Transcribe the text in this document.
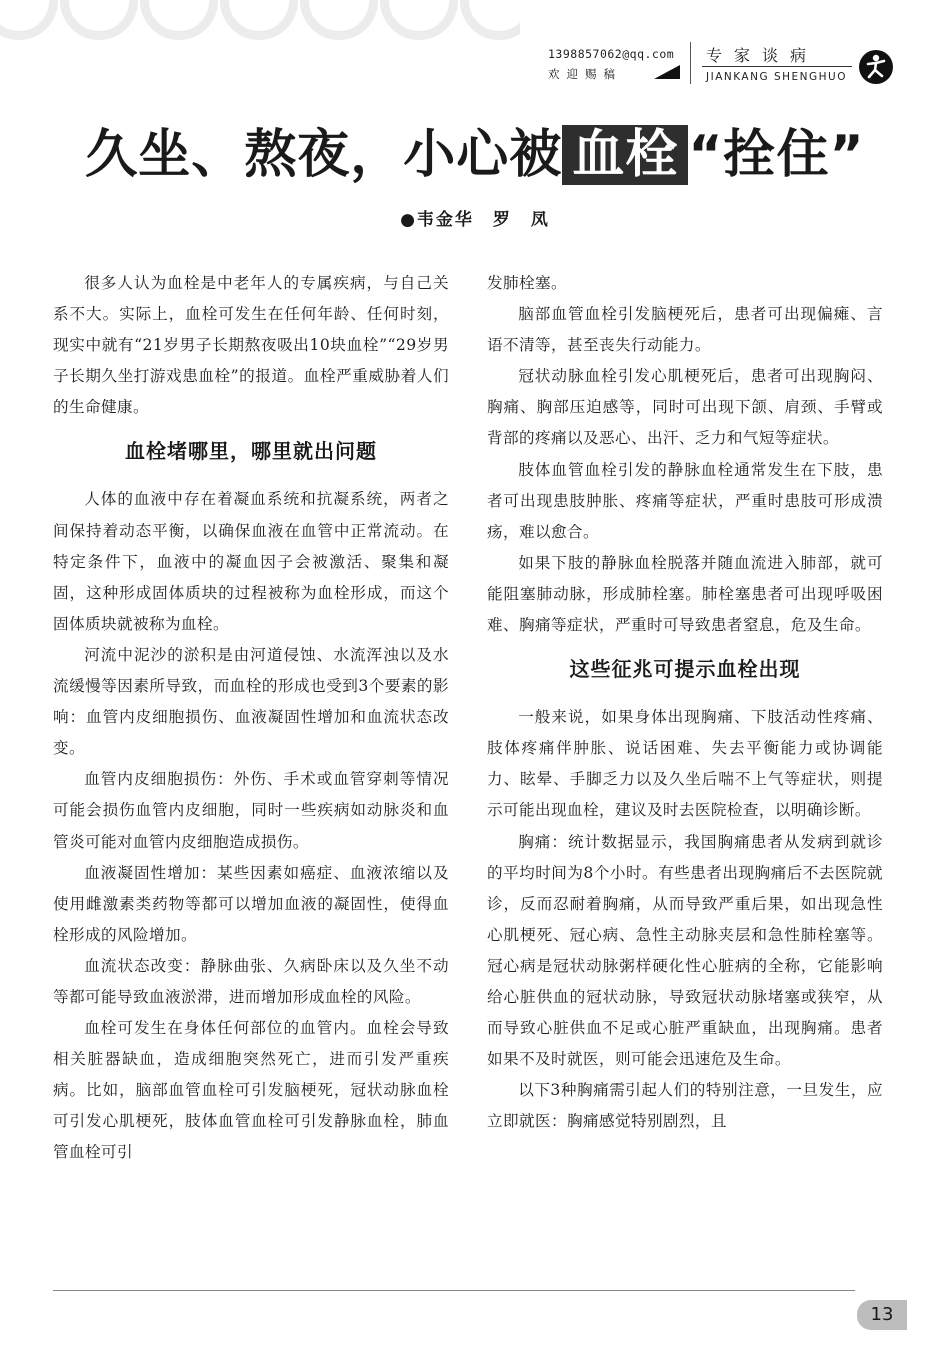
1398857062@qq.com
欢迎赐稿
专家谈病
JIANKANG SHENGHUO
久坐、熬夜，小心被 血栓 “拴住”
●韦金华　罗　凤

很多人认为血栓是中老年人的专属疾病，与自己关系不大。实际上，血栓可发生在任何年龄、任何时刻，现实中就有“21岁男子长期熬夜吸出10块血栓”“29岁男子长期久坐打游戏患血栓”的报道。血栓严重威胁着人们的生命健康。

血栓堵哪里，哪里就出问题

人体的血液中存在着凝血系统和抗凝系统，两者之间保持着动态平衡，以确保血液在血管中正常流动。在特定条件下，血液中的凝血因子会被激活、聚集和凝固，这种形成固体质块的过程被称为血栓形成，而这个固体质块就被称为血栓。

河流中泥沙的淤积是由河道侵蚀、水流浑浊以及水流缓慢等因素所导致，而血栓的形成也受到3个要素的影响：血管内皮细胞损伤、血液凝固性增加和血流状态改变。

血管内皮细胞损伤：外伤、手术或血管穿刺等情况可能会损伤血管内皮细胞，同时一些疾病如动脉炎和血管炎可能对血管内皮细胞造成损伤。

血液凝固性增加：某些因素如癌症、血液浓缩以及使用雌激素类药物等都可以增加血液的凝固性，使得血栓形成的风险增加。

血流状态改变：静脉曲张、久病卧床以及久坐不动等都可能导致血液淤滞，进而增加形成血栓的风险。

血栓可发生在身体任何部位的血管内。血栓会导致相关脏器缺血，造成细胞突然死亡，进而引发严重疾病。比如，脑部血管血栓可引发脑梗死，冠状动脉血栓可引发心肌梗死，肢体血管血栓可引发静脉血栓，肺血管血栓可引

发肺栓塞。

脑部血管血栓引发脑梗死后，患者可出现偏瘫、言语不清等，甚至丧失行动能力。

冠状动脉血栓引发心肌梗死后，患者可出现胸闷、胸痛、胸部压迫感等，同时可出现下颌、肩颈、手臂或背部的疼痛以及恶心、出汗、乏力和气短等症状。

肢体血管血栓引发的静脉血栓通常发生在下肢，患者可出现患肢肿胀、疼痛等症状，严重时患肢可形成溃疡，难以愈合。

如果下肢的静脉血栓脱落并随血流进入肺部，就可能阻塞肺动脉，形成肺栓塞。肺栓塞患者可出现呼吸困难、胸痛等症状，严重时可导致患者窒息，危及生命。

这些征兆可提示血栓出现

一般来说，如果身体出现胸痛、下肢活动性疼痛、肢体疼痛伴肿胀、说话困难、失去平衡能力或协调能力、眩晕、手脚乏力以及久坐后喘不上气等症状，则提示可能出现血栓，建议及时去医院检查，以明确诊断。

胸痛：统计数据显示，我国胸痛患者从发病到就诊的平均时间为8个小时。有些患者出现胸痛后不去医院就诊，反而忍耐着胸痛，从而导致严重后果，如出现急性心肌梗死、冠心病、急性主动脉夹层和急性肺栓塞等。冠心病是冠状动脉粥样硬化性心脏病的全称，它能影响给心脏供血的冠状动脉，导致冠状动脉堵塞或狭窄，从而导致心脏供血不足或心脏严重缺血，出现胸痛。患者如果不及时就医，则可能会迅速危及生命。

以下3种胸痛需引起人们的特别注意，一旦发生，应立即就医：胸痛感觉特别剧烈，且

13
